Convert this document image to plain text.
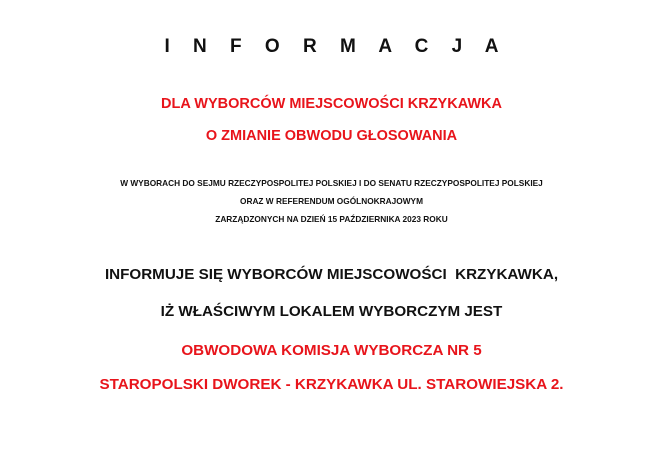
I N F O R M A C J A
DLA WYBORCÓW MIEJSCOWOŚCI KRZYKAWKA
O ZMIANIE OBWODU GŁOSOWANIA
W WYBORACH DO SEJMU RZECZYPOSPOLITEJ POLSKIEJ I DO SENATU RZECZYPOSPOLITEJ POLSKIEJ
ORAZ W REFERENDUM OGÓLNOKRAJOWYM
ZARZĄDZONYCH NA DZIEŃ 15 PAŹDZIERNIKA 2023 ROKU
INFORMUJE SIĘ WYBORCÓW MIEJSCOWOŚCI  KRZYKAWKA,
IŻ WŁAŚCIWYM LOKALEM WYBORCZYM JEST
OBWODOWA KOMISJA WYBORCZA NR 5
STAROPOLSKI DWOREK - KRZYKAWKA UL. STAROWIEJSKA 2.
